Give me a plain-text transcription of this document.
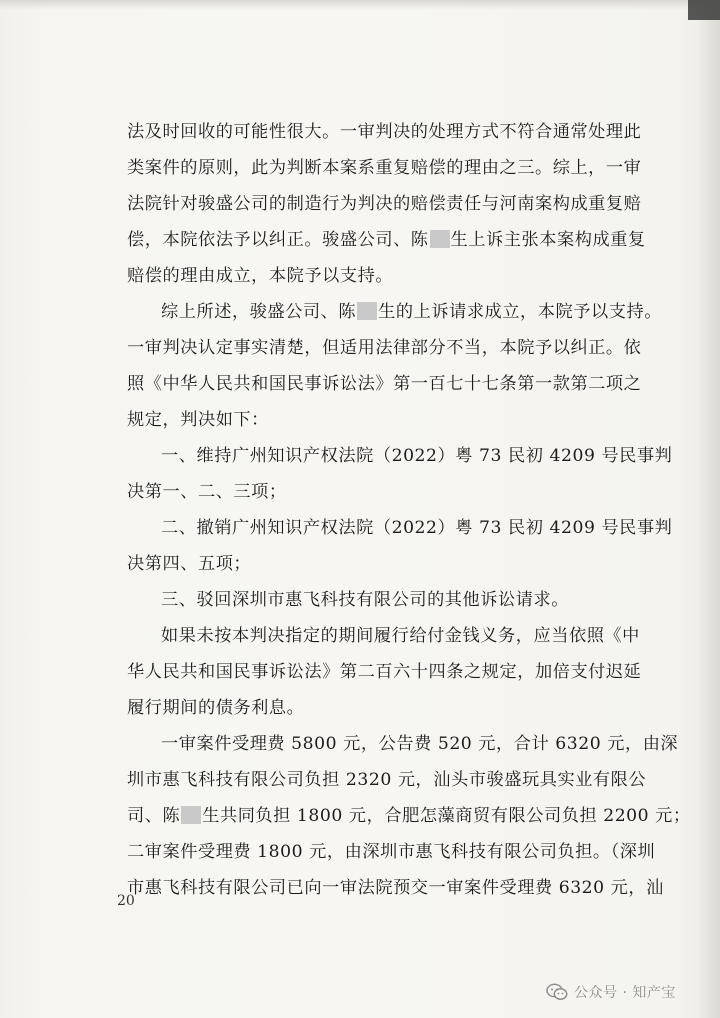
法及时回收的可能性很大。一审判决的处理方式不符合通常处理此
类案件的原则，此为判断本案系重复赔偿的理由之三。综上，一审
法院针对骏盛公司的制造行为判决的赔偿责任与河南案构成重复赔
偿，本院依法予以纠正。骏盛公司、陈 生上诉主张本案构成重复
赔偿的理由成立，本院予以支持。
综上所述，骏盛公司、陈 生的上诉请求成立，本院予以支持。
一审判决认定事实清楚，但适用法律部分不当，本院予以纠正。依
照《中华人民共和国民事诉讼法》第一百七十七条第一款第二项之
规定，判决如下：
一、维持广州知识产权法院（2022）粤 73 民初 4209 号民事判
决第一、二、三项；
二、撤销广州知识产权法院（2022）粤 73 民初 4209 号民事判
决第四、五项；
三、驳回深圳市惠飞科技有限公司的其他诉讼请求。
如果未按本判决指定的期间履行给付金钱义务，应当依照《中
华人民共和国民事诉讼法》第二百六十四条之规定，加倍支付迟延
履行期间的债务利息。
一审案件受理费 5800 元，公告费 520 元，合计 6320 元，由深
圳市惠飞科技有限公司负担 2320 元，汕头市骏盛玩具实业有限公
司、陈 生共同负担 1800 元，合肥怎藻商贸有限公司负担 2200 元；
二审案件受理费 1800 元，由深圳市惠飞科技有限公司负担。（深圳
市惠飞科技有限公司已向一审法院预交一审案件受理费 6320 元，汕
20
公众号 · 知产宝
